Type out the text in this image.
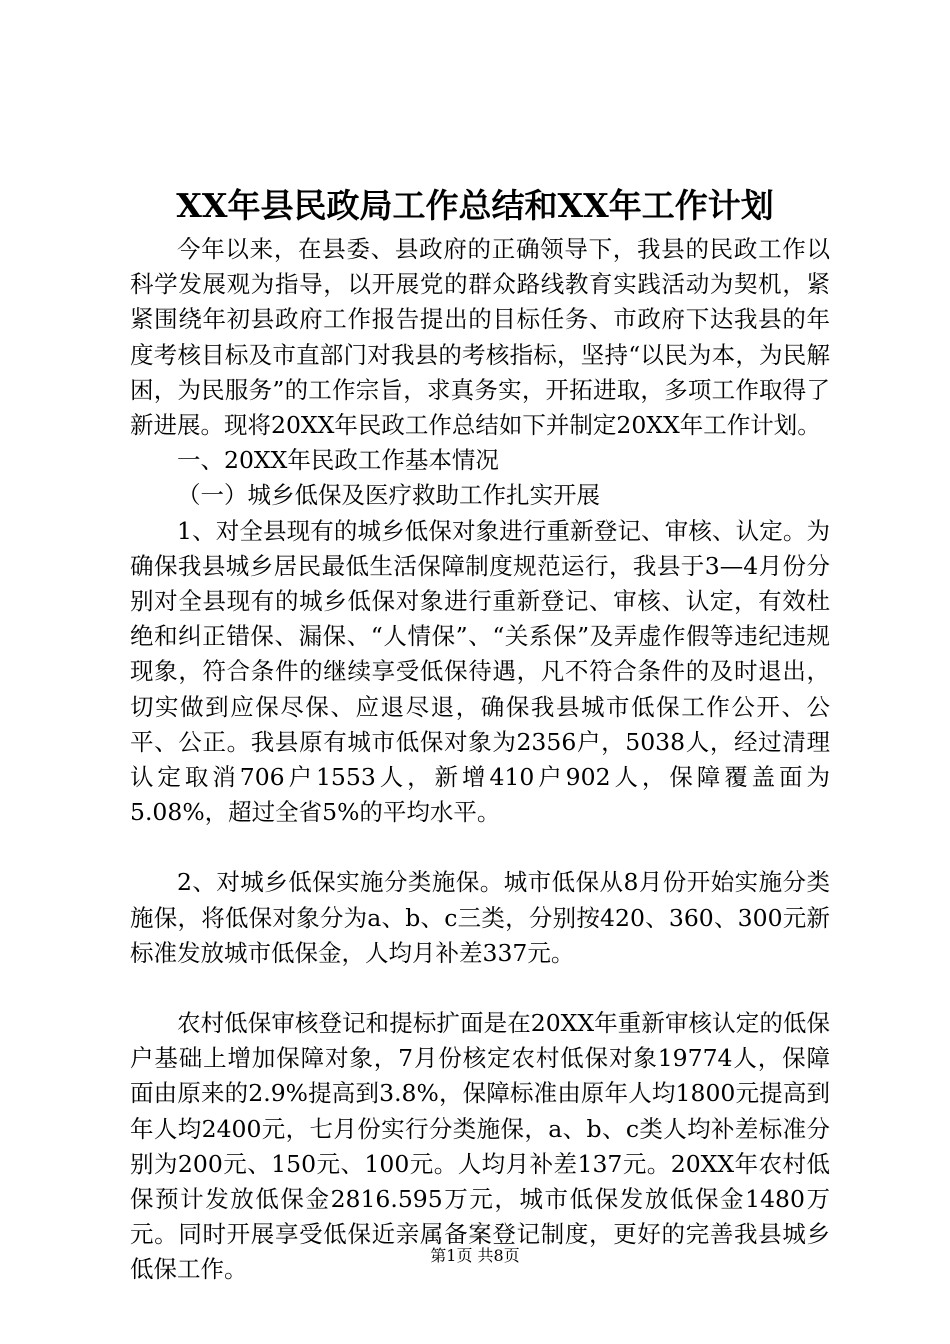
XX年县民政局工作总结和XX年工作计划

今年以来，在县委、县政府的正确领导下，我县的民政工作以科学发展观为指导，以开展党的群众路线教育实践活动为契机，紧紧围绕年初县政府工作报告提出的目标任务、市政府下达我县的年度考核目标及市直部门对我县的考核指标，坚持“以民为本，为民解困，为民服务”的工作宗旨，求真务实，开拓进取，多项工作取得了新进展。现将20XX年民政工作总结如下并制定20XX年工作计划。

一、20XX年民政工作基本情况

（一）城乡低保及医疗救助工作扎实开展

1、对全县现有的城乡低保对象进行重新登记、审核、认定。为确保我县城乡居民最低生活保障制度规范运行，我县于3—4月份分别对全县现有的城乡低保对象进行重新登记、审核、认定，有效杜绝和纠正错保、漏保、“人情保”、“关系保”及弄虚作假等违纪违规现象，符合条件的继续享受低保待遇，凡不符合条件的及时退出，切实做到应保尽保、应退尽退，确保我县城市低保工作公开、公平、公正。我县原有城市低保对象为2356户，5038人，经过清理认定取消706户1553人，新增410户902人，保障覆盖面为5.08%，超过全省5%的平均水平。

2、对城乡低保实施分类施保。城市低保从8月份开始实施分类施保，将低保对象分为a、b、c三类，分别按420、360、300元新标准发放城市低保金，人均月补差337元。

农村低保审核登记和提标扩面是在20XX年重新审核认定的低保户基础上增加保障对象，7月份核定农村低保对象19774人，保障面由原来的2.9%提高到3.8%，保障标准由原年人均1800元提高到年人均2400元，七月份实行分类施保，a、b、c类人均补差标准分别为200元、150元、100元。人均月补差137元。20XX年农村低保预计发放低保金2816.595万元，城市低保发放低保金1480万元。同时开展享受低保近亲属备案登记制度，更好的完善我县城乡低保工作。	第1页 共8页
